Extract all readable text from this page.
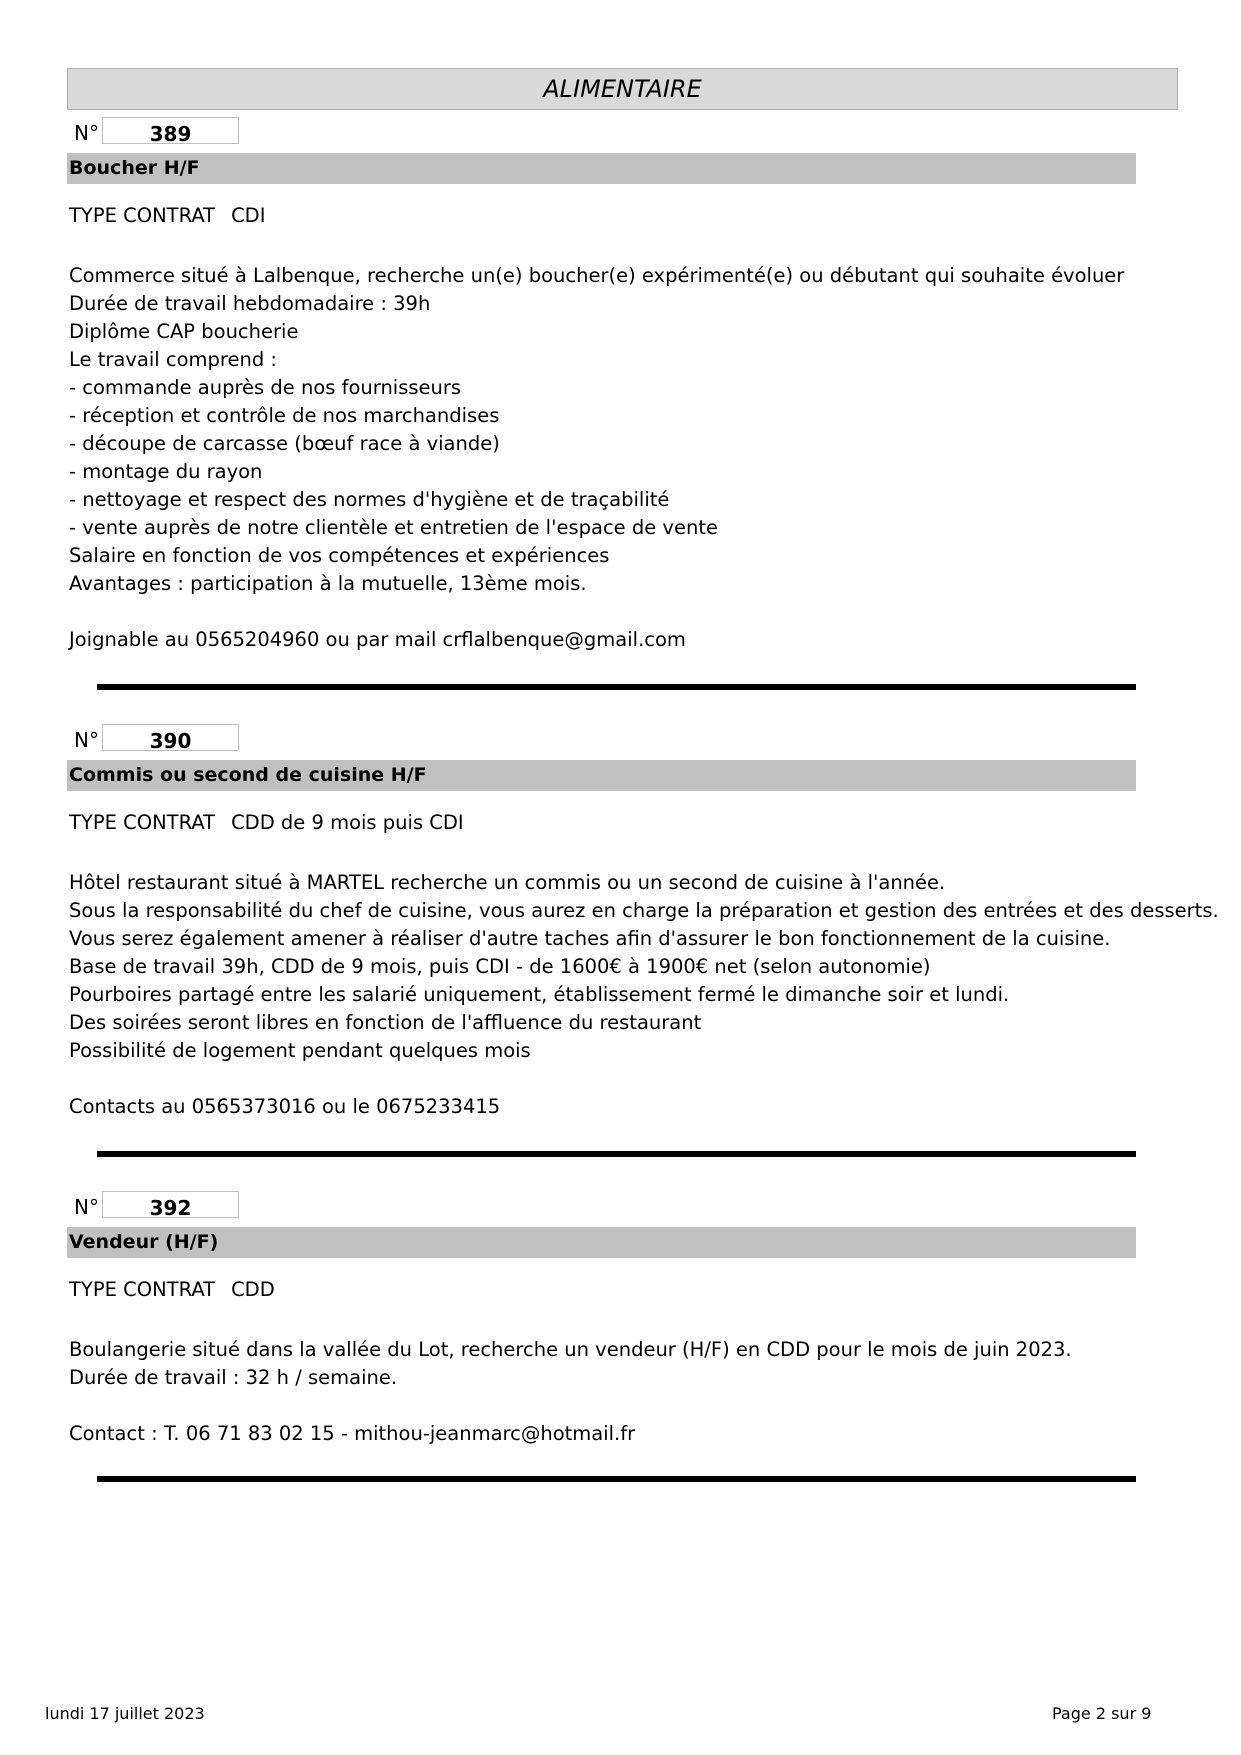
ALIMENTAIRE
N°	389
Boucher H/F
TYPE CONTRAT CDI
Commerce situé à Lalbenque, recherche un(e) boucher(e) expérimenté(e) ou débutant qui souhaite évoluer
Durée de travail hebdomadaire : 39h
Diplôme CAP boucherie
Le travail comprend :
- commande auprès de nos fournisseurs
- réception et contrôle de nos marchandises
- découpe de carcasse (bœuf race à viande)
- montage du rayon
- nettoyage et respect des normes d'hygiène et de traçabilité
- vente auprès de notre clientèle et entretien de l'espace de vente
Salaire en fonction de vos compétences et expériences
Avantages : participation à la mutuelle, 13ème mois.
Joignable au 0565204960 ou par mail crflalbenque@gmail.com
N°	390
Commis ou second de cuisine H/F
TYPE CONTRAT CDD de 9 mois puis CDI
Hôtel restaurant situé à MARTEL recherche un commis ou un second de cuisine à l'année.
Sous la responsabilité du chef de cuisine, vous aurez en charge la préparation et gestion des entrées et des desserts.
Vous serez également amener à réaliser d'autre taches afin d'assurer le bon fonctionnement de la cuisine.
Base de travail 39h, CDD de 9 mois, puis CDI - de 1600€ à 1900€ net (selon autonomie)
Pourboires partagé entre les salarié uniquement, établissement fermé le dimanche soir et lundi.
Des soirées seront libres en fonction de l'affluence du restaurant
Possibilité de logement pendant quelques mois
Contacts au 0565373016 ou le 0675233415
N°	392
Vendeur (H/F)
TYPE CONTRAT CDD
Boulangerie situé dans la vallée du Lot, recherche un vendeur (H/F) en CDD pour le mois de juin 2023.
Durée de travail : 32 h / semaine.
Contact : T. 06 71 83 02 15 - mithou-jeanmarc@hotmail.fr
lundi 17 juillet 2023	Page 2 sur 9
